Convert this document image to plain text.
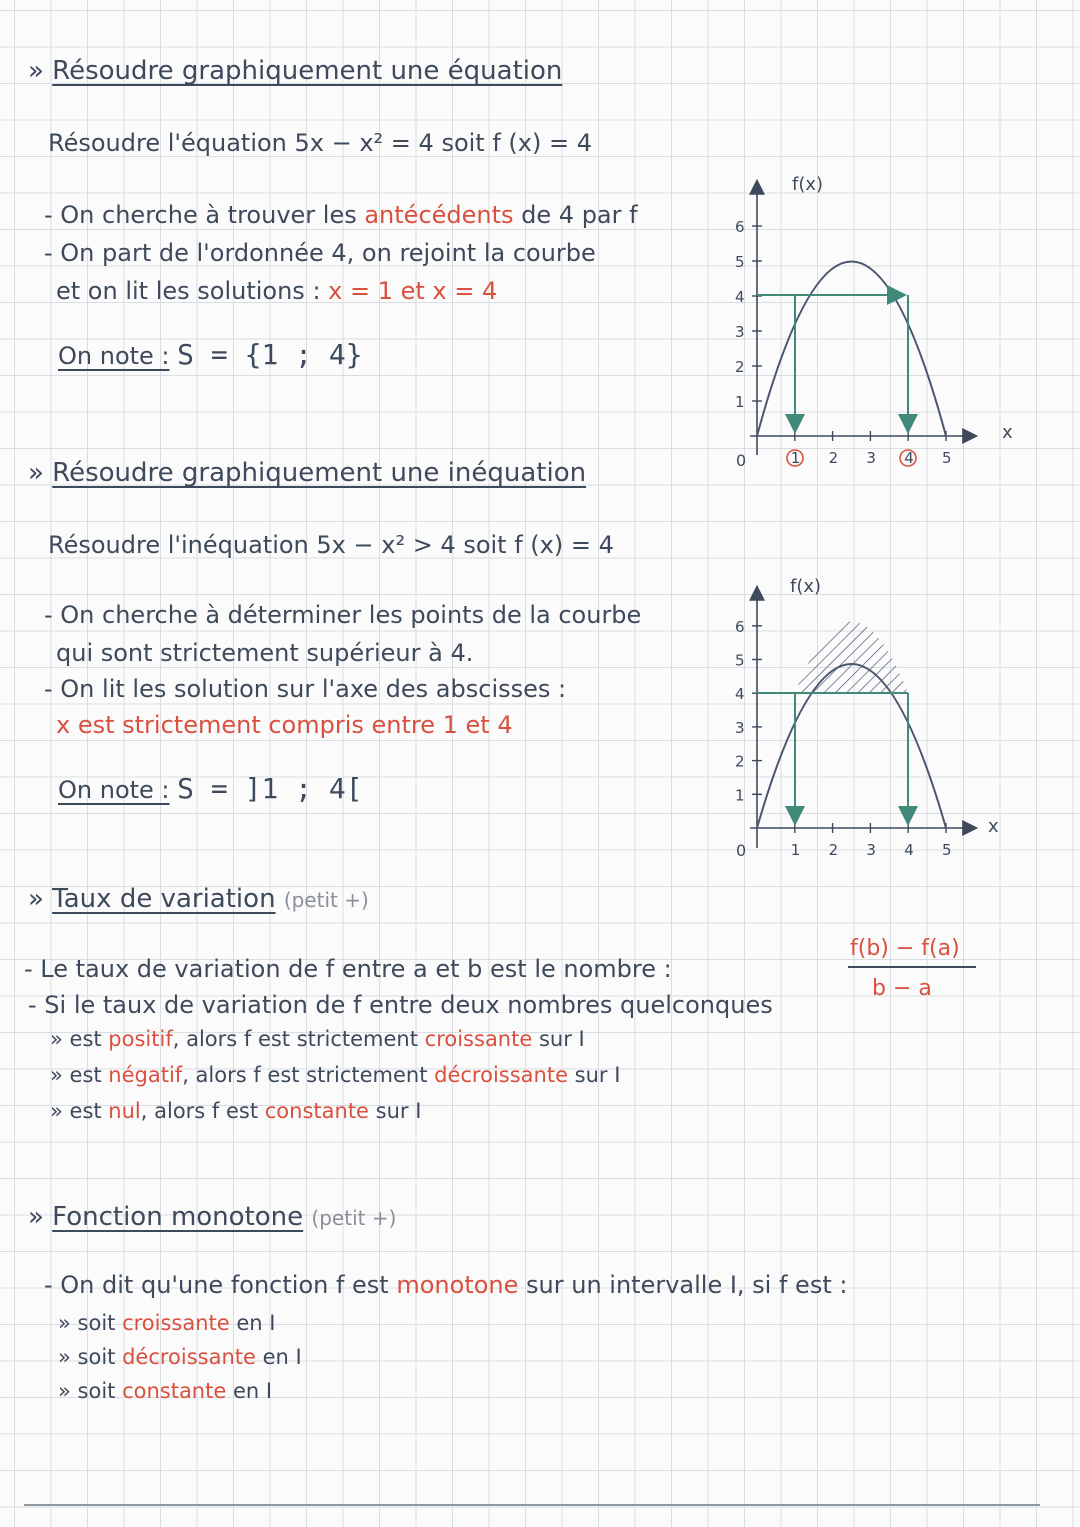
» Résoudre graphiquement une équation
Résoudre l'équation 5x − x² = 4 soit f (x) = 4
- On cherche à trouver les antécédents de 4 par f
- On part de l'ordonnée 4, on rejoint la courbe
et on lit les solutions : x = 1 et x = 4
On note : S = {1 ; 4}
1
2
3
4
5
6
1 2 3 4 5
f(x)
x
0
» Résoudre graphiquement une inéquation
Résoudre l'inéquation 5x − x² > 4 soit f (x) = 4
- On cherche à déterminer les points de la courbe
qui sont strictement supérieur à 4.
- On lit les solution sur l'axe des abscisses :
x est strictement compris entre 1 et 4
On note : S = ]1 ; 4[	1
2
3
4
5
6
1 2 3 4 5
f(x)
x
0
» Taux de variation (petit +)
- Le taux de variation de f entre a et b est le nombre :
f(b) − f(a)
b − a
- Si le taux de variation de f entre deux nombres quelconques
» est positif, alors f est strictement croissante sur I
» est négatif, alors f est strictement décroissante sur I
» est nul, alors f est constante sur I
» Fonction monotone (petit +)
- On dit qu'une fonction f est monotone sur un intervalle I, si f est :
» soit croissante en I
» soit décroissante en I
» soit constante en I
